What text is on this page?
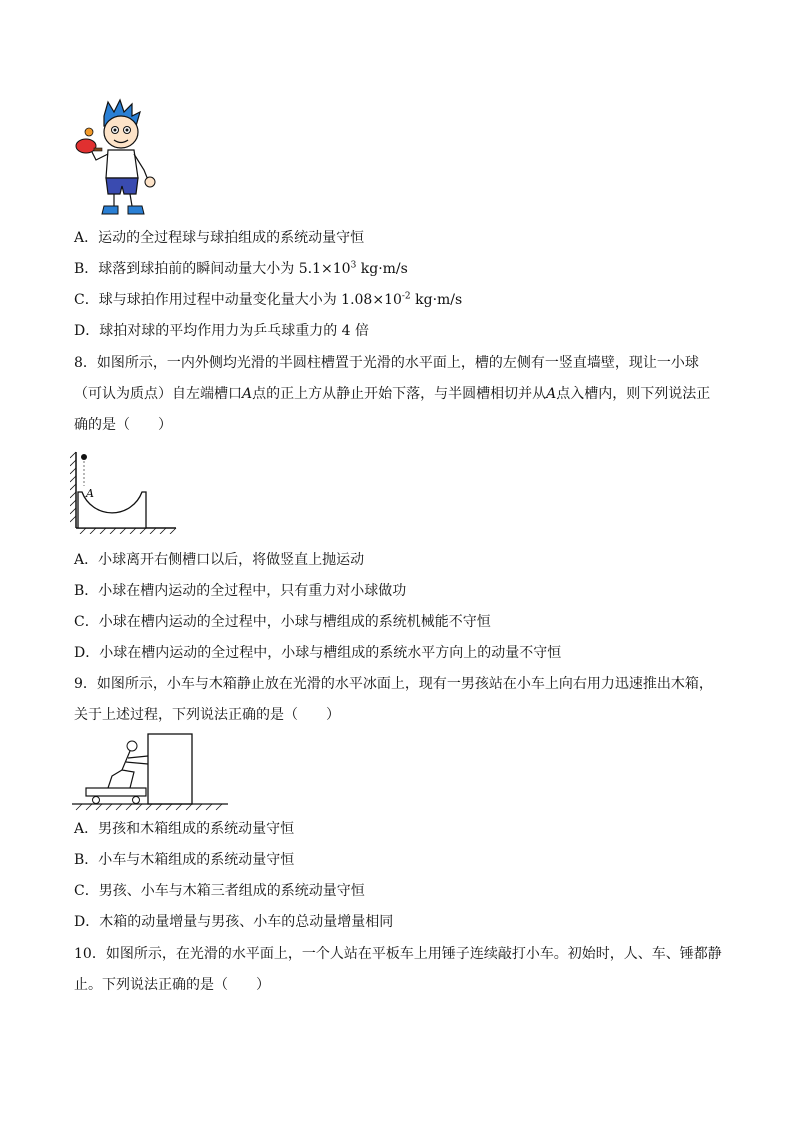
A．运动的全过程球与球拍组成的系统动量守恒
B．球落到球拍前的瞬间动量大小为 $5.1\times 10^3$ kg·m/s
C．球与球拍作用过程中动量变化量大小为 $1.08\times 10^{-2}$ kg·m/s
D．球拍对球的平均作用力为乒乓球重力的 4 倍
8．如图所示，一内外侧均光滑的半圆柱槽置于光滑的水平面上，槽的左侧有一竖直墙壁，现让一小球
（可认为质点）自左端槽口A点的正上方从静止开始下落，与半圆槽相切并从A点入槽内，则下列说法正
确的是（　　）
A
A．小球离开右侧槽口以后，将做竖直上抛运动
B．小球在槽内运动的全过程中，只有重力对小球做功
C．小球在槽内运动的全过程中，小球与槽组成的系统机械能不守恒
D．小球在槽内运动的全过程中，小球与槽组成的系统水平方向上的动量不守恒
9．如图所示，小车与木箱静止放在光滑的水平冰面上，现有一男孩站在小车上向右用力迅速推出木箱，
关于上述过程，下列说法正确的是（　　）
A．男孩和木箱组成的系统动量守恒
B．小车与木箱组成的系统动量守恒
C．男孩、小车与木箱三者组成的系统动量守恒
D．木箱的动量增量与男孩、小车的总动量增量相同
10．如图所示，在光滑的水平面上，一个人站在平板车上用锤子连续敲打小车。初始时，人、车、锤都静
止。下列说法正确的是（　　）
